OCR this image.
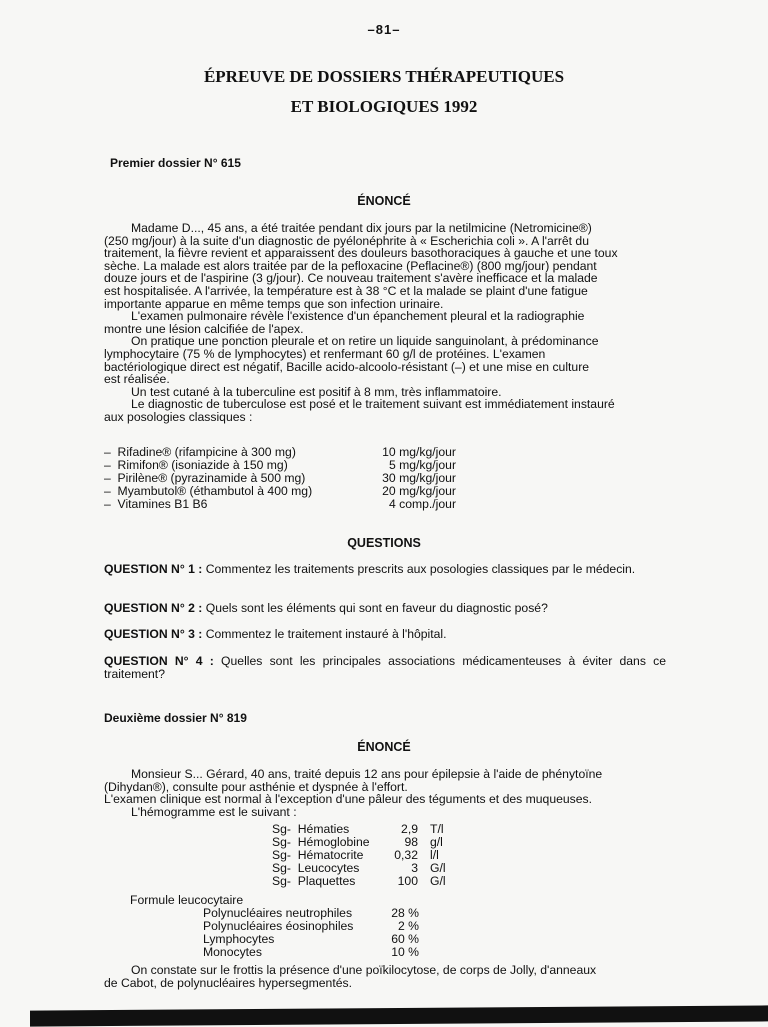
–81–
ÉPREUVE DE DOSSIERS THÉRAPEUTIQUES
ET BIOLOGIQUES 1992
Premier dossier N° 615
ÉNONCÉ
Madame D..., 45 ans, a été traitée pendant dix jours par la netilmicine (Netromicine®)
(250 mg/jour) à la suite d'un diagnostic de pyélonéphrite à « Escherichia coli ». A l'arrêt du
traitement, la fièvre revient et apparaissent des douleurs basothoraciques à gauche et une toux
sèche. La malade est alors traitée par de la pefloxacine (Peflacine®) (800 mg/jour) pendant
douze jours et de l'aspirine (3 g/jour). Ce nouveau traitement s'avère inefficace et la malade
est hospitalisée. A l'arrivée, la température est à 38 °C et la malade se plaint d'une fatigue
importante apparue en même temps que son infection urinaire.
L'examen pulmonaire révèle l'existence d'un épanchement pleural et la radiographie
montre une lésion calcifiée de l'apex.
On pratique une ponction pleurale et on retire un liquide sanguinolant, à prédominance
lymphocytaire (75 % de lymphocytes) et renfermant 60 g/l de protéines. L'examen
bactériologique direct est négatif, Bacille acido-alcoolo-résistant (–) et une mise en culture
est réalisée.
Un test cutané à la tuberculine est positif à 8 mm, très inflammatoire.
Le diagnostic de tuberculose est posé et le traitement suivant est immédiatement instauré
aux posologies classiques :
–  Rifadine® (rifampicine à 300 mg)	10 mg/kg/jour
–  Rimifon® (isoniazide à 150 mg)	5 mg/kg/jour
–  Pirilène® (pyrazinamide à 500 mg)	30 mg/kg/jour
–  Myambutol® (éthambutol à 400 mg)	20 mg/kg/jour
–  Vitamines B1 B6	4 comp./jour
QUESTIONS
QUESTION N° 1 : Commentez les traitements prescrits aux posologies classiques par le médecin.
QUESTION N° 2 : Quels sont les éléments qui sont en faveur du diagnostic posé?
QUESTION N° 3 : Commentez le traitement instauré à l'hôpital.
QUESTION N° 4 : Quelles sont les principales associations médicamenteuses à éviter dans ce traitement?
Deuxième dossier N° 819
ÉNONCÉ
Monsieur S... Gérard, 40 ans, traité depuis 12 ans pour épilepsie à l'aide de phénytoïne
(Dihydan®), consulte pour asthénie et dyspnée à l'effort.
L'examen clinique est normal à l'exception d'une pâleur des téguments et des muqueuses.
L'hémogramme est le suivant :
Sg-  Hématies	2,9 T/l
Sg-  Hémoglobine	98 g/l
Sg-  Hématocrite	0,32 l/l
Sg-  Leucocytes	3 G/l
Sg-  Plaquettes	100 G/l
Formule leucocytaire
Polynucléaires neutrophiles	28 %
Polynucléaires éosinophiles	2 %
Lymphocytes	60 %
Monocytes	10 %
On constate sur le frottis la présence d'une poïkilocytose, de corps de Jolly, d'anneaux
de Cabot, de polynucléaires hypersegmentés.
